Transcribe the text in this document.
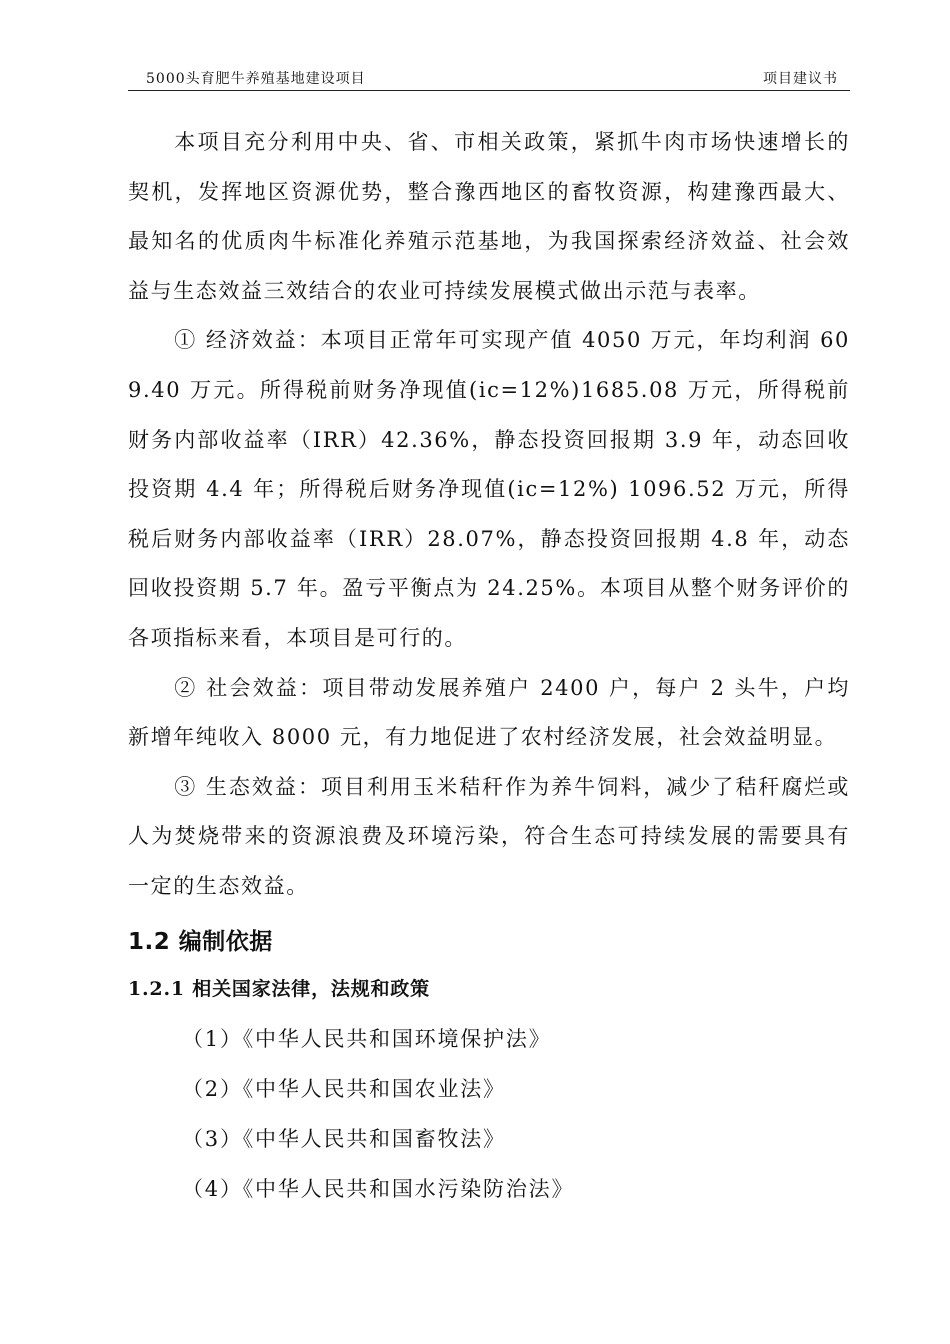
5000头育肥牛养殖基地建设项目	项目建议书

本项目充分利用中央、省、市相关政策，紧抓牛肉市场快速增长的契机，发挥地区资源优势，整合豫西地区的畜牧资源，构建豫西最大、最知名的优质肉牛标准化养殖示范基地，为我国探索经济效益、社会效益与生态效益三效结合的农业可持续发展模式做出示范与表率。

① 经济效益：本项目正常年可实现产值 4050 万元，年均利润 609.40 万元。所得税前财务净现值(ic=12%)1685.08 万元，所得税前财务内部收益率（IRR）42.36%，静态投资回报期 3.9 年，动态回收投资期 4.4 年；所得税后财务净现值(ic=12%) 1096.52 万元，所得税后财务内部收益率（IRR）28.07%，静态投资回报期 4.8 年，动态回收投资期 5.7 年。盈亏平衡点为 24.25%。本项目从整个财务评价的各项指标来看，本项目是可行的。

② 社会效益：项目带动发展养殖户 2400 户，每户 2 头牛，户均新增年纯收入 8000 元，有力地促进了农村经济发展，社会效益明显。

③ 生态效益：项目利用玉米秸秆作为养牛饲料，减少了秸秆腐烂或人为焚烧带来的资源浪费及环境污染，符合生态可持续发展的需要具有一定的生态效益。

1.2 编制依据
1.2.1 相关国家法律，法规和政策
（1）《中华人民共和国环境保护法》
（2）《中华人民共和国农业法》
（3）《中华人民共和国畜牧法》
（4）《中华人民共和国水污染防治法》
